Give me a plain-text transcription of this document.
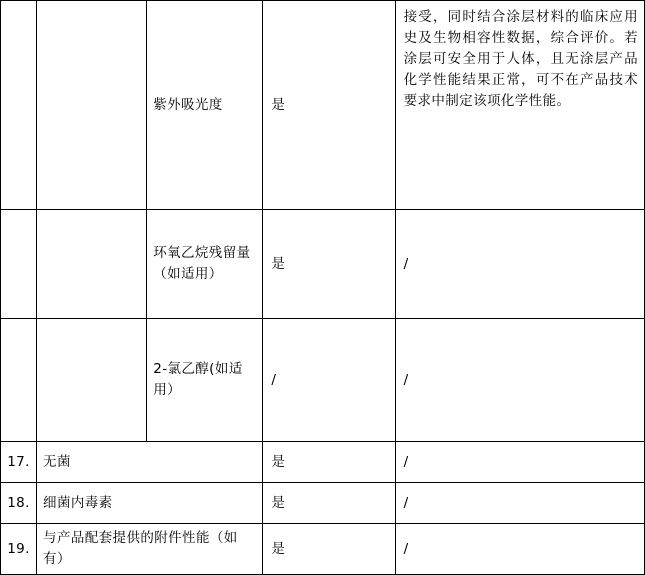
		紫外吸光度	是	接受，同时结合涂层材料的临床应用史及生物相容性数据，综合评价。若涂层可安全用于人体，且无涂层产品化学性能结果正常，可不在产品技术要求中制定该项化学性能。
		环氧乙烷残留量（如适用）	是	/
		2-氯乙醇(如适用）	/	/
17.	无菌		是	/
18.	细菌内毒素		是	/
19.	与产品配套提供的附件性能（如有）		是	/
